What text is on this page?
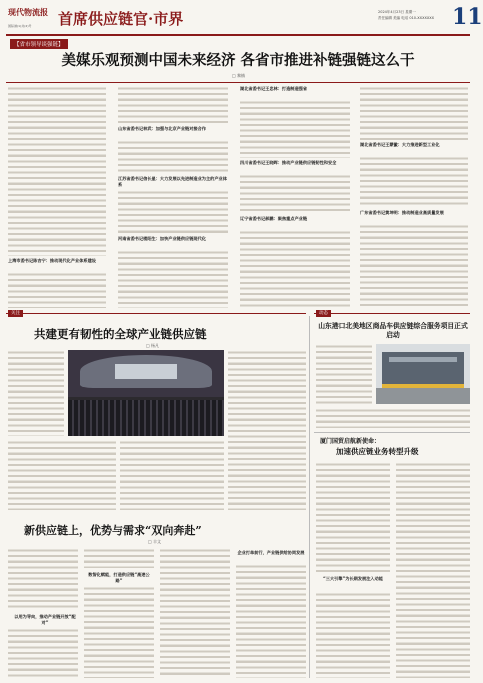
现代物流报
国际港(1)共(2)号 首席供应链官·市界	2024年4月23日 星期一
责任编辑 美编 电话 010-XXXXXXX 11
【省市领导谈强链】
美媒乐观预测中国未来经济 各省市推进补链强链这么干
□ 黎楠
上海市委书记陈吉宁：推动现代化产业体系建设
山东省委书记林武：加强与北京产业链对接合作
江苏省委书记信长星：大力发展以先进制造业为主的产业体系
河南省委书记楼阳生：加快产业链供应链现代化
湖北省委书记王忠林：打造制造强省
四川省委书记王晓晖：推动产业链供应链韧性和安全
辽宁省委书记郝鹏：聚焦重点产业链
湖北省委书记王蒙徽：大力推进新型工业化
广东省委书记黄坤明：推动制造业高质量发展
关注	动态
共建更有韧性的全球产业链供应链
□ 杨凡
新供应链上，优势与需求“双向奔赴”
□ 丰文
以用为导向，推动产业链开放“配对”
数智化赋能，打造供应链“高速公路”
企业打单前行，产业链供给协同发展
山东港口北美地区商品车供应链综合服务项目正式启动
厦门国贸启航新使命：
加速供应链业务转型升级
“三大引擎”为长期发展注入动能
